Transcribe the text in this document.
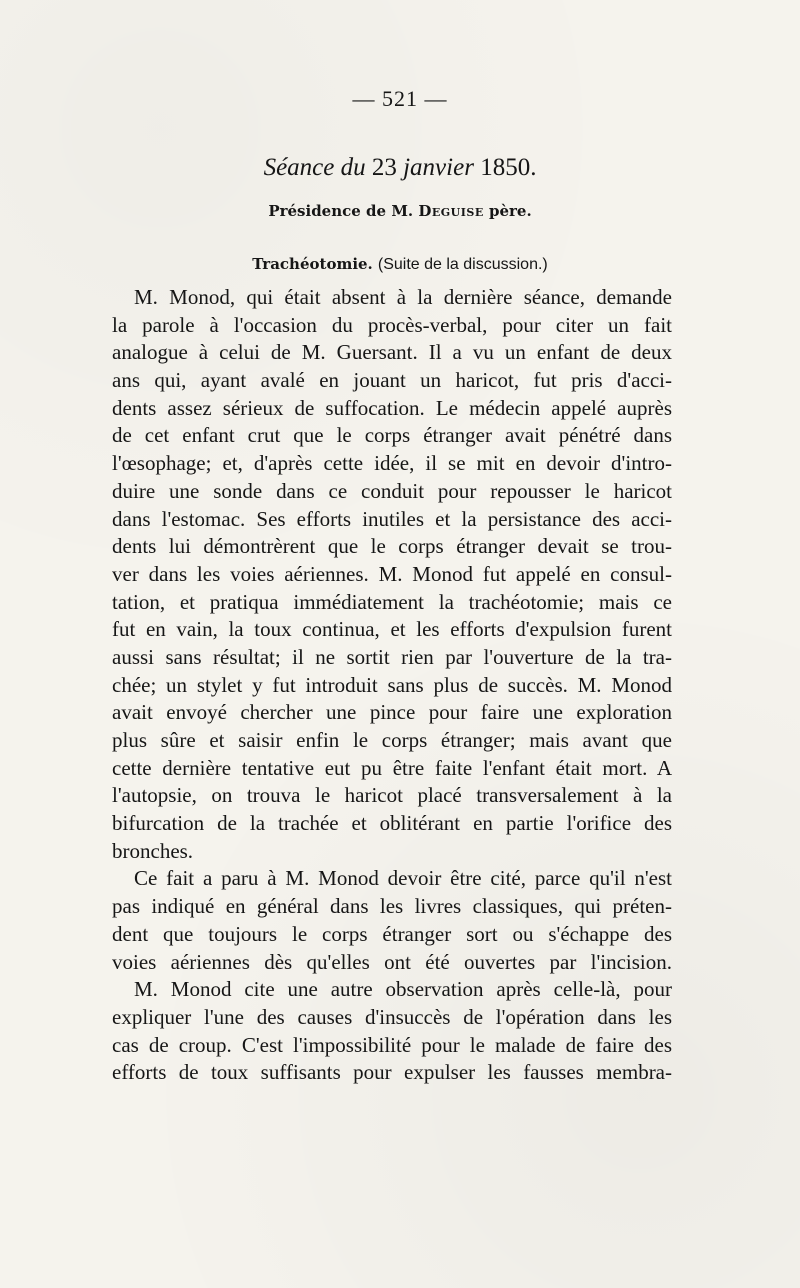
— 521 —
Séance du 23 janvier 1850.
Présidence de M. Deguise père.
Trachéotomie. (Suite de la discussion.)
M. Monod, qui était absent à la dernière séance, demande
la parole à l'occasion du procès-verbal, pour citer un fait
analogue à celui de M. Guersant. Il a vu un enfant de deux
ans qui, ayant avalé en jouant un haricot, fut pris d'acci-
dents assez sérieux de suffocation. Le médecin appelé auprès
de cet enfant crut que le corps étranger avait pénétré dans
l'œsophage; et, d'après cette idée, il se mit en devoir d'intro-
duire une sonde dans ce conduit pour repousser le haricot
dans l'estomac. Ses efforts inutiles et la persistance des acci-
dents lui démontrèrent que le corps étranger devait se trou-
ver dans les voies aériennes. M. Monod fut appelé en consul-
tation, et pratiqua immédiatement la trachéotomie; mais ce
fut en vain, la toux continua, et les efforts d'expulsion furent
aussi sans résultat; il ne sortit rien par l'ouverture de la tra-
chée; un stylet y fut introduit sans plus de succès. M. Monod
avait envoyé chercher une pince pour faire une exploration
plus sûre et saisir enfin le corps étranger; mais avant que
cette dernière tentative eut pu être faite l'enfant était mort. A
l'autopsie, on trouva le haricot placé transversalement à la
bifurcation de la trachée et oblitérant en partie l'orifice des
bronches.
Ce fait a paru à M. Monod devoir être cité, parce qu'il n'est
pas indiqué en général dans les livres classiques, qui préten-
dent que toujours le corps étranger sort ou s'échappe des
voies aériennes dès qu'elles ont été ouvertes par l'incision.
M. Monod cite une autre observation après celle-là, pour
expliquer l'une des causes d'insuccès de l'opération dans les
cas de croup. C'est l'impossibilité pour le malade de faire des
efforts de toux suffisants pour expulser les fausses membra-
